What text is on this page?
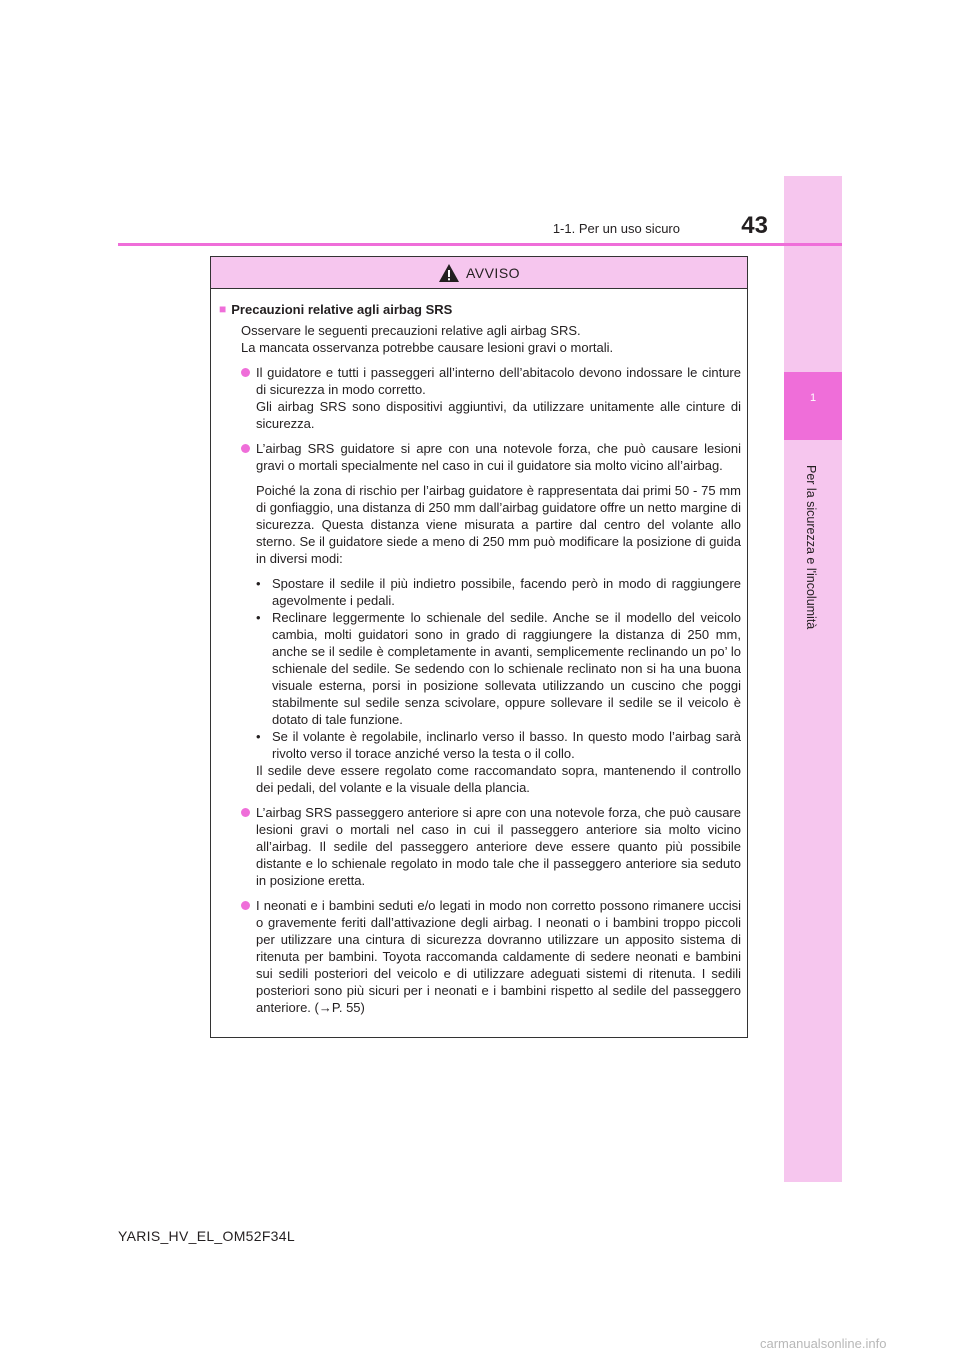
1
Per la sicurezza e l'incolumità
1-1. Per un uso sicuro	43
AVVISO
■ Precauzioni relative agli airbag SRS
Osservare le seguenti precauzioni relative agli airbag SRS.
La mancata osservanza potrebbe causare lesioni gravi o mortali.
Il guidatore e tutti i passeggeri all’interno dell’abitacolo devono indossare le cinture di sicurezza in modo corretto.
Gli airbag SRS sono dispositivi aggiuntivi, da utilizzare unitamente alle cinture di sicurezza.
L’airbag SRS guidatore si apre con una notevole forza, che può causare lesioni gravi o mortali specialmente nel caso in cui il guidatore sia molto vicino all’airbag.
Poiché la zona di rischio per l’airbag guidatore è rappresentata dai primi 50 - 75 mm di gonfiaggio, una distanza di 250 mm dall’airbag guidatore offre un netto margine di sicurezza. Questa distanza viene misurata a partire dal centro del volante allo sterno. Se il guidatore siede a meno di 250 mm può modificare la posizione di guida in diversi modi:
• Spostare il sedile il più indietro possibile, facendo però in modo di raggiungere agevolmente i pedali.
• Reclinare leggermente lo schienale del sedile. Anche se il modello del veicolo cambia, molti guidatori sono in grado di raggiungere la distanza di 250 mm, anche se il sedile è completamente in avanti, semplicemente reclinando un po’ lo schienale del sedile. Se sedendo con lo schienale reclinato non si ha una buona visuale esterna, porsi in posizione sollevata utilizzando un cuscino che poggi stabilmente sul sedile senza scivolare, oppure sollevare il sedile se il veicolo è dotato di tale funzione.
• Se il volante è regolabile, inclinarlo verso il basso. In questo modo l’airbag sarà rivolto verso il torace anziché verso la testa o il collo.
Il sedile deve essere regolato come raccomandato sopra, mantenendo il controllo dei pedali, del volante e la visuale della plancia.
L’airbag SRS passeggero anteriore si apre con una notevole forza, che può causare lesioni gravi o mortali nel caso in cui il passeggero anteriore sia molto vicino all’airbag. Il sedile del passeggero anteriore deve essere quanto più possibile distante e lo schienale regolato in modo tale che il passeggero anteriore sia seduto in posizione eretta.
I neonati e i bambini seduti e/o legati in modo non corretto possono rimanere uccisi o gravemente feriti dall’attivazione degli airbag. I neonati o i bambini troppo piccoli per utilizzare una cintura di sicurezza dovranno utilizzare un apposito sistema di ritenuta per bambini. Toyota raccomanda caldamente di sedere neonati e bambini sui sedili posteriori del veicolo e di utilizzare adeguati sistemi di ritenuta. I sedili posteriori sono più sicuri per i neonati e i bambini rispetto al sedile del passeggero anteriore. (→P. 55)
YARIS_HV_EL_OM52F34L
carmanualsonline.info
